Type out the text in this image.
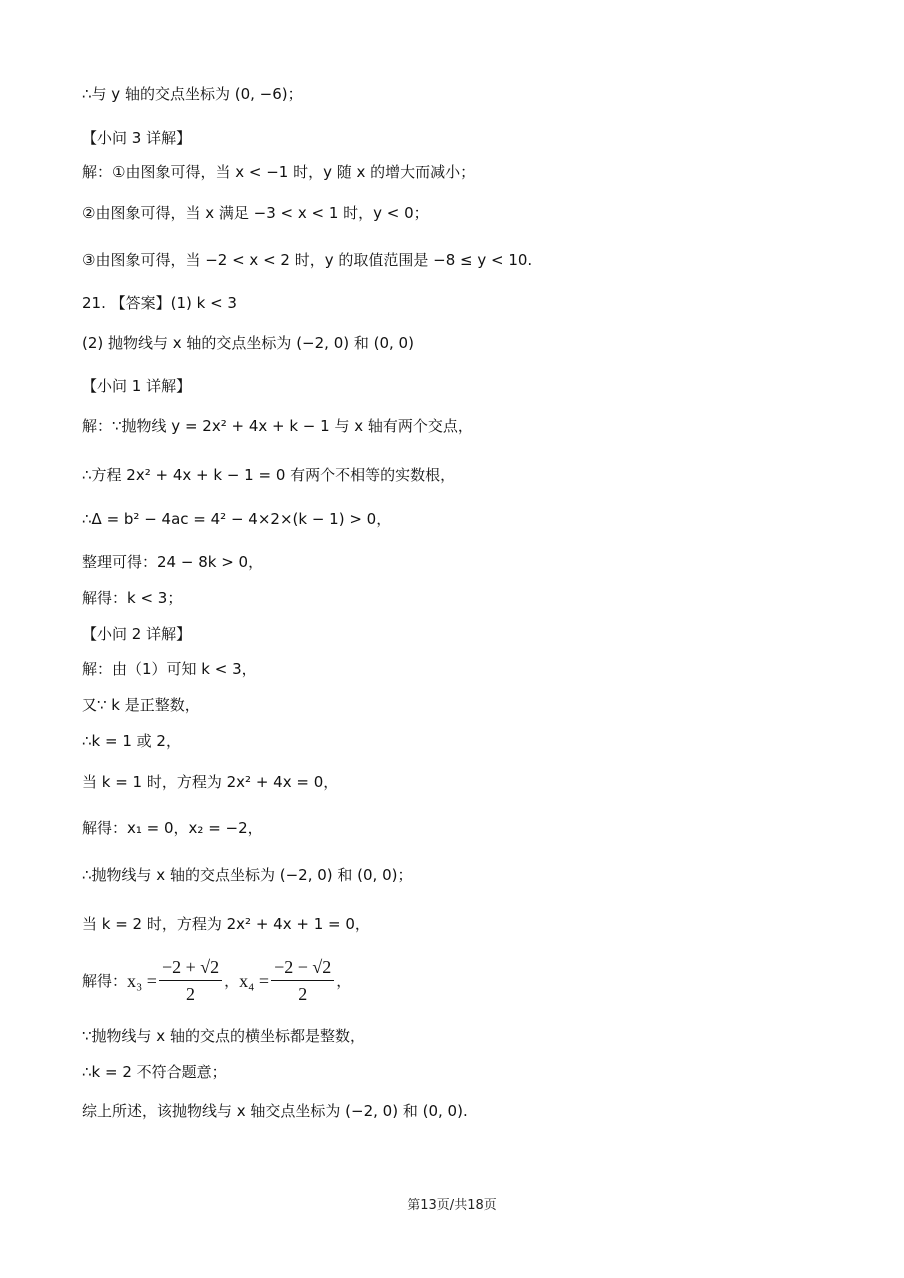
∴与 y 轴的交点坐标为 (0, −6)；
【小问 3 详解】
解：①由图象可得，当 x < −1 时，y 随 x 的增大而减小；
②由图象可得，当 x 满足 −3 < x < 1 时，y < 0；
③由图象可得，当 −2 < x < 2 时，y 的取值范围是 −8 ≤ y < 10.
21. 【答案】(1) k < 3
(2) 抛物线与 x 轴的交点坐标为 (−2, 0) 和 (0, 0)
【小问 1 详解】
解：∵抛物线 y = 2x² + 4x + k − 1 与 x 轴有两个交点，
∴方程 2x² + 4x + k − 1 = 0 有两个不相等的实数根，
∴Δ = b² − 4ac = 4² − 4×2×(k − 1) > 0，
整理可得：24 − 8k > 0，
解得：k < 3；
【小问 2 详解】
解：由（1）可知 k < 3，
又∵ k 是正整数，
∴k = 1 或 2，
当 k = 1 时，方程为 2x² + 4x = 0，
解得：x₁ = 0，x₂ = −2，
∴抛物线与 x 轴的交点坐标为 (−2, 0) 和 (0, 0)；
当 k = 2 时，方程为 2x² + 4x + 1 = 0，
∵抛物线与 x 轴的交点的横坐标都是整数，
∴k = 2 不符合题意；
综上所述，该抛物线与 x 轴交点坐标为 (−2, 0) 和 (0, 0).
解得： $x_3 = \frac{-2 + √2}{2}$ ， $x_4 = \frac{-2 - √2}{2}$ ，
第13页/共18页
